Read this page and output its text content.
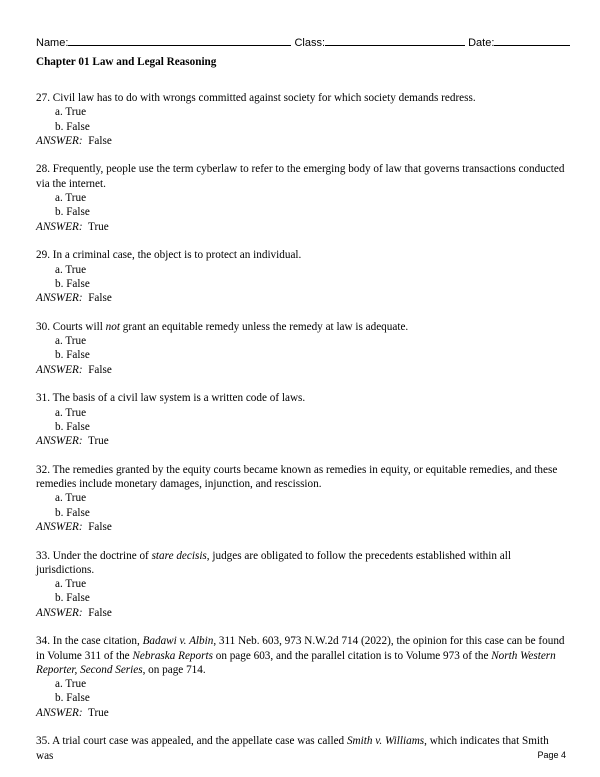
Name:	Class:	Date:
Chapter 01 Law and Legal Reasoning

27. Civil law has to do with wrongs committed against society for which society demands redress.

a. True
b. False
ANSWER: False

28. Frequently, people use the term cyberlaw to refer to the emerging body of law that governs transactions conducted via the internet.

a. True
b. False
ANSWER: True

29. In a criminal case, the object is to protect an individual.

a. True
b. False
ANSWER: False

30. Courts will not grant an equitable remedy unless the remedy at law is adequate.

a. True
b. False
ANSWER: False

31. The basis of a civil law system is a written code of laws.

a. True
b. False
ANSWER: True

32. The remedies granted by the equity courts became known as remedies in equity, or equitable remedies, and these remedies include monetary damages, injunction, and rescission.

a. True
b. False
ANSWER: False

33. Under the doctrine of stare decisis, judges are obligated to follow the precedents established within all jurisdictions.

a. True
b. False
ANSWER: False

34. In the case citation, Badawi v. Albin, 311 Neb. 603, 973 N.W.2d 714 (2022), the opinion for this case can be found in Volume 311 of the Nebraska Reports on page 603, and the parallel citation is to Volume 973 of the North Western Reporter, Second Series, on page 714.

a. True
b. False
ANSWER: True

35. A trial court case was appealed, and the appellate case was called Smith v. Williams, which indicates that Smith was	Page 4
